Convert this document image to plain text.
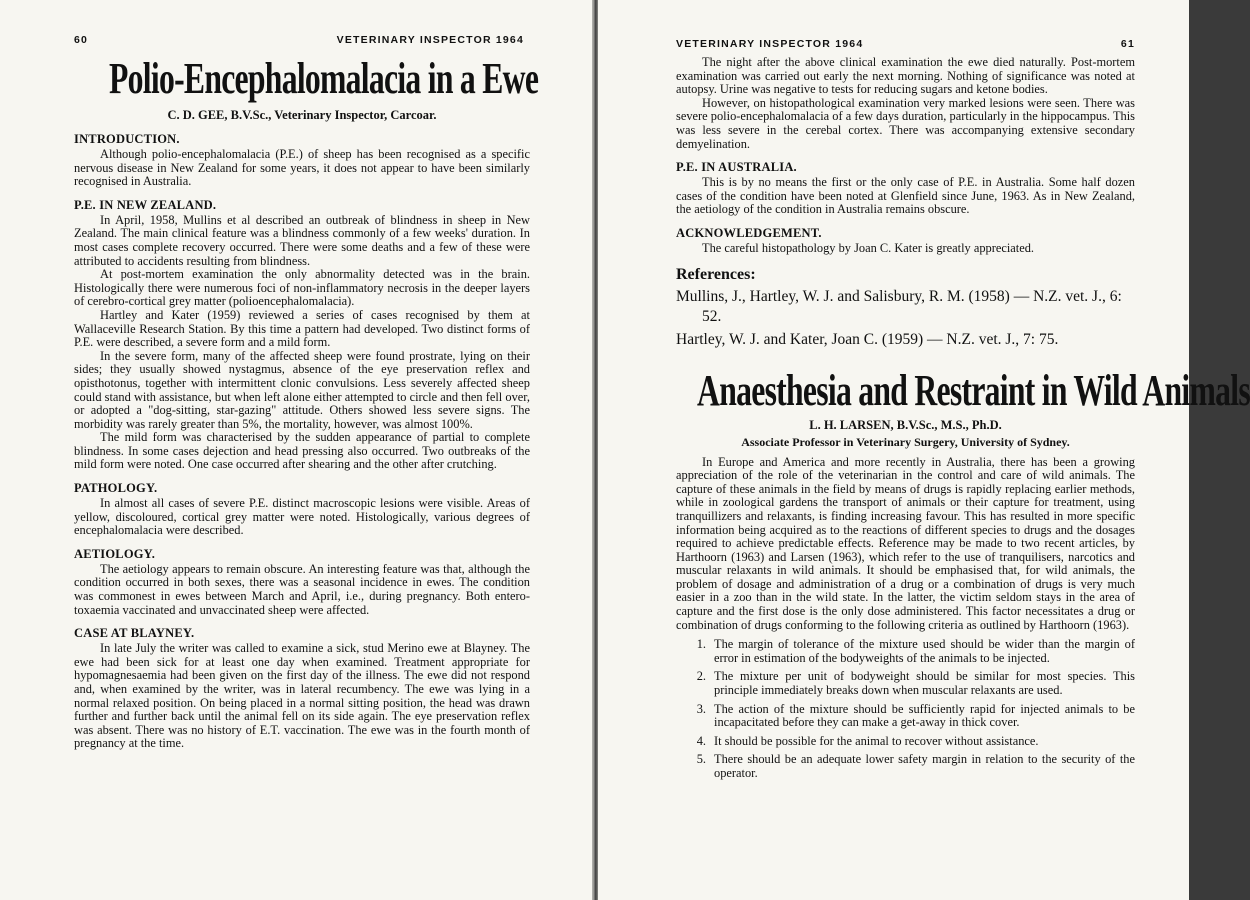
60	VETERINARY INSPECTOR 1964
Polio-Encephalomalacia in a Ewe
C. D. GEE, B.V.Sc., Veterinary Inspector, Carcoar.
INTRODUCTION.

Although polio-encephalomalacia (P.E.) of sheep has been recognised as a specific nervous disease in New Zealand for some years, it does not appear to have been similarly recognised in Australia.

P.E. IN NEW ZEALAND.

In April, 1958, Mullins et al described an outbreak of blindness in sheep in New Zealand. The main clinical feature was a blindness commonly of a few weeks' duration. In most cases complete recovery occurred. There were some deaths and a few of these were attributed to accidents resulting from blindness.

At post-mortem examination the only abnormality detected was in the brain. Histologically there were numerous foci of non-inflammatory necrosis in the deeper layers of cerebro-cortical grey matter (polioencephalomalacia).

Hartley and Kater (1959) reviewed a series of cases recognised by them at Wallaceville Research Station. By this time a pattern had developed. Two distinct forms of P.E. were described, a severe form and a mild form.

In the severe form, many of the affected sheep were found prostrate, lying on their sides; they usually showed nystagmus, absence of the eye preservation reflex and opisthotonus, together with intermittent clonic convulsions. Less severely affected sheep could stand with assistance, but when left alone either attempted to circle and then fell over, or adopted a "dog-sitting, star-gazing" attitude. Others showed less severe signs. The morbidity was rarely greater than 5%, the mortality, however, was almost 100%.

The mild form was characterised by the sudden appearance of partial to complete blindness. In some cases dejection and head pressing also occurred. Two outbreaks of the mild form were noted. One case occurred after shearing and the other after crutching.

PATHOLOGY.

In almost all cases of severe P.E. distinct macroscopic lesions were visible. Areas of yellow, discoloured, cortical grey matter were noted. Histologically, various degrees of encephalomalacia were described.

AETIOLOGY.

The aetiology appears to remain obscure. An interesting feature was that, although the condition occurred in both sexes, there was a seasonal incidence in ewes. The condition was commonest in ewes between March and April, i.e., during pregnancy. Both entero-toxaemia vaccinated and unvaccinated sheep were affected.

CASE AT BLAYNEY.

In late July the writer was called to examine a sick, stud Merino ewe at Blayney. The ewe had been sick for at least one day when examined. Treatment appropriate for hypomagnesaemia had been given on the first day of the illness. The ewe did not respond and, when examined by the writer, was in lateral recumbency. The ewe was lying in a normal relaxed position. On being placed in a normal sitting position, the head was drawn further and further back until the animal fell on its side again. The eye preservation reflex was absent. There was no history of E.T. vaccination. The ewe was in the fourth month of pregnancy at the time.

VETERINARY INSPECTOR 1964	61

The night after the above clinical examination the ewe died naturally. Post-mortem examination was carried out early the next morning. Nothing of significance was noted at autopsy. Urine was negative to tests for reducing sugars and ketone bodies.

However, on histopathological examination very marked lesions were seen. There was severe polio-encephalomalacia of a few days duration, particularly in the hippocampus. This was less severe in the cerebal cortex. There was accompanying extensive secondary demyelination.

P.E. IN AUSTRALIA.

This is by no means the first or the only case of P.E. in Australia. Some half dozen cases of the condition have been noted at Glenfield since June, 1963. As in New Zealand, the aetiology of the condition in Australia remains obscure.

ACKNOWLEDGEMENT.

The careful histopathology by Joan C. Kater is greatly appreciated.

References:
Mullins, J., Hartley, W. J. and Salisbury, R. M. (1958) — N.Z. vet. J., 6: 52.
Hartley, W. J. and Kater, Joan C. (1959) — N.Z. vet. J., 7: 75.
Anaesthesia and Restraint in Wild Animals
L. H. LARSEN, B.V.Sc., M.S., Ph.D.
Associate Professor in Veterinary Surgery, University of Sydney.

In Europe and America and more recently in Australia, there has been a growing appreciation of the role of the veterinarian in the control and care of wild animals. The capture of these animals in the field by means of drugs is rapidly replacing earlier methods, while in zoological gardens the transport of animals or their capture for treatment, using tranquillizers and relaxants, is finding increasing favour. This has resulted in more specific information being acquired as to the reactions of different species to drugs and the dosages required to achieve predictable effects. Reference may be made to two recent articles, by Harthoorn (1963) and Larsen (1963), which refer to the use of tranquilisers, narcotics and muscular relaxants in wild animals. It should be emphasised that, for wild animals, the problem of dosage and administration of a drug or a combination of drugs is very much easier in a zoo than in the wild state. In the latter, the victim seldom stays in the area of capture and the first dose is the only dose administered. This factor necessitates a drug or combination of drugs conforming to the following criteria as outlined by Harthoorn (1963).

1. The margin of tolerance of the mixture used should be wider than the margin of error in estimation of the bodyweights of the animals to be injected.
2. The mixture per unit of bodyweight should be similar for most species. This principle immediately breaks down when muscular relaxants are used.
3. The action of the mixture should be sufficiently rapid for injected animals to be incapacitated before they can make a get-away in thick cover.
4. It should be possible for the animal to recover without assistance.
5. There should be an adequate lower safety margin in relation to the security of the operator.
